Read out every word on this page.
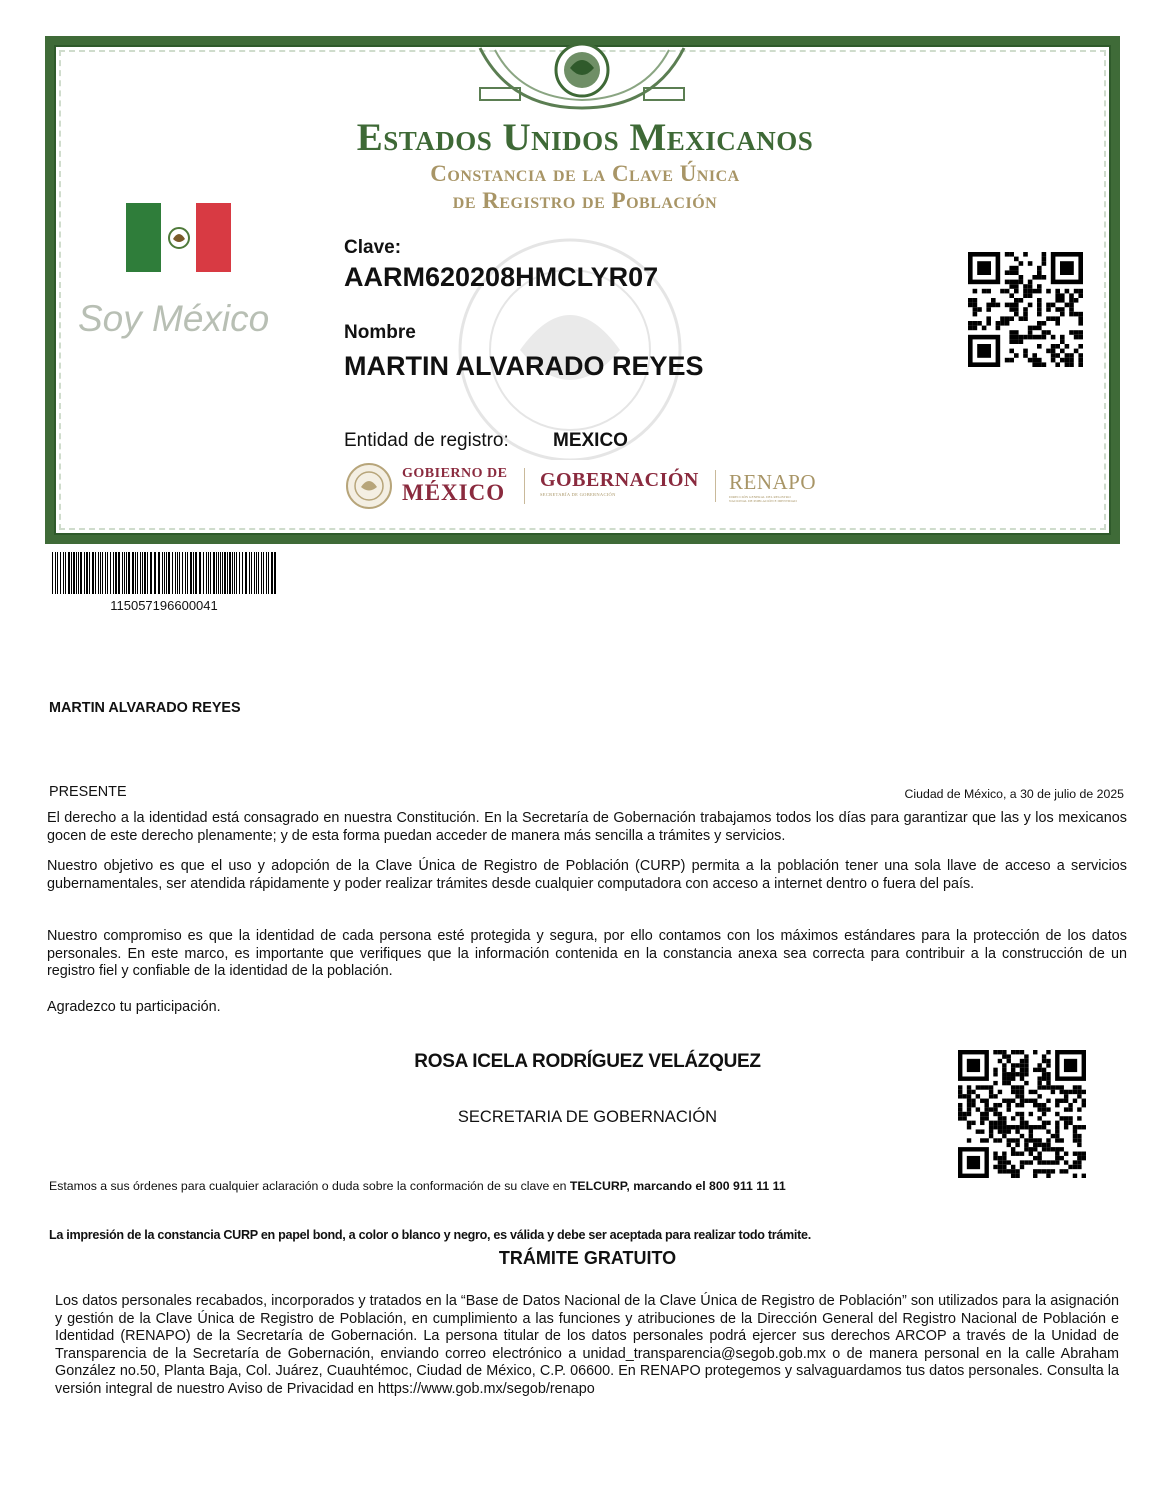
Estados Unidos Mexicanos
Constancia de la Clave Única
de Registro de Población
Soy México
Clave:
AARM620208HMCLYR07
Nombre
MARTIN ALVARADO REYES
Entidad de registro: MEXICO
GOBIERNO DE
MÉXICO GOBERNACIÓN
SECRETARÍA DE GOBERNACIÓN
RENAPO
DIRECCIÓN GENERAL DEL REGISTRO NACIONAL DE POBLACIÓN E IDENTIDAD
115057196600041
MARTIN ALVARADO REYES
PRESENTE	Ciudad de México, a 30 de julio de 2025
El derecho a la identidad está consagrado en nuestra Constitución. En la Secretaría de Gobernación trabajamos todos los días para garantizar que las y los mexicanos gocen de este derecho plenamente; y de esta forma puedan acceder de manera más sencilla a trámites y servicios.
Nuestro objetivo es que el uso y adopción de la Clave Única de Registro de Población (CURP) permita a la población tener una sola llave de acceso a servicios gubernamentales, ser atendida rápidamente y poder realizar trámites desde cualquier computadora con acceso a internet dentro o fuera del país.
Nuestro compromiso es que la identidad de cada persona esté protegida y segura, por ello contamos con los máximos estándares para la protección de los datos personales. En este marco, es importante que verifiques que la información contenida en la constancia anexa sea correcta para contribuir a la construcción de un registro fiel y confiable de la identidad de la población.
Agradezco tu participación.
ROSA ICELA RODRÍGUEZ VELÁZQUEZ
SECRETARIA DE GOBERNACIÓN
Estamos a sus órdenes para cualquier aclaración o duda sobre la conformación de su clave en TELCURP, marcando el 800 911 11 11
La impresión de la constancia CURP en papel bond, a color o blanco y negro, es válida y debe ser aceptada para realizar todo trámite.
TRÁMITE GRATUITO
Los datos personales recabados, incorporados y tratados en la “Base de Datos Nacional de la Clave Única de Registro de Población” son utilizados para la asignación y gestión de la Clave Única de Registro de Población, en cumplimiento a las funciones y atribuciones de la Dirección General del Registro Nacional de Población e Identidad (RENAPO) de la Secretaría de Gobernación. La persona titular de los datos personales podrá ejercer sus derechos ARCOP a través de la Unidad de Transparencia de la Secretaría de Gobernación, enviando correo electrónico a unidad_transparencia@segob.gob.mx o de manera personal en la calle Abraham González no.50, Planta Baja, Col. Juárez, Cuauhtémoc, Ciudad de México, C.P. 06600. En RENAPO protegemos y salvaguardamos tus datos personales. Consulta la versión integral de nuestro Aviso de Privacidad en https://www.gob.mx/segob/renapo
